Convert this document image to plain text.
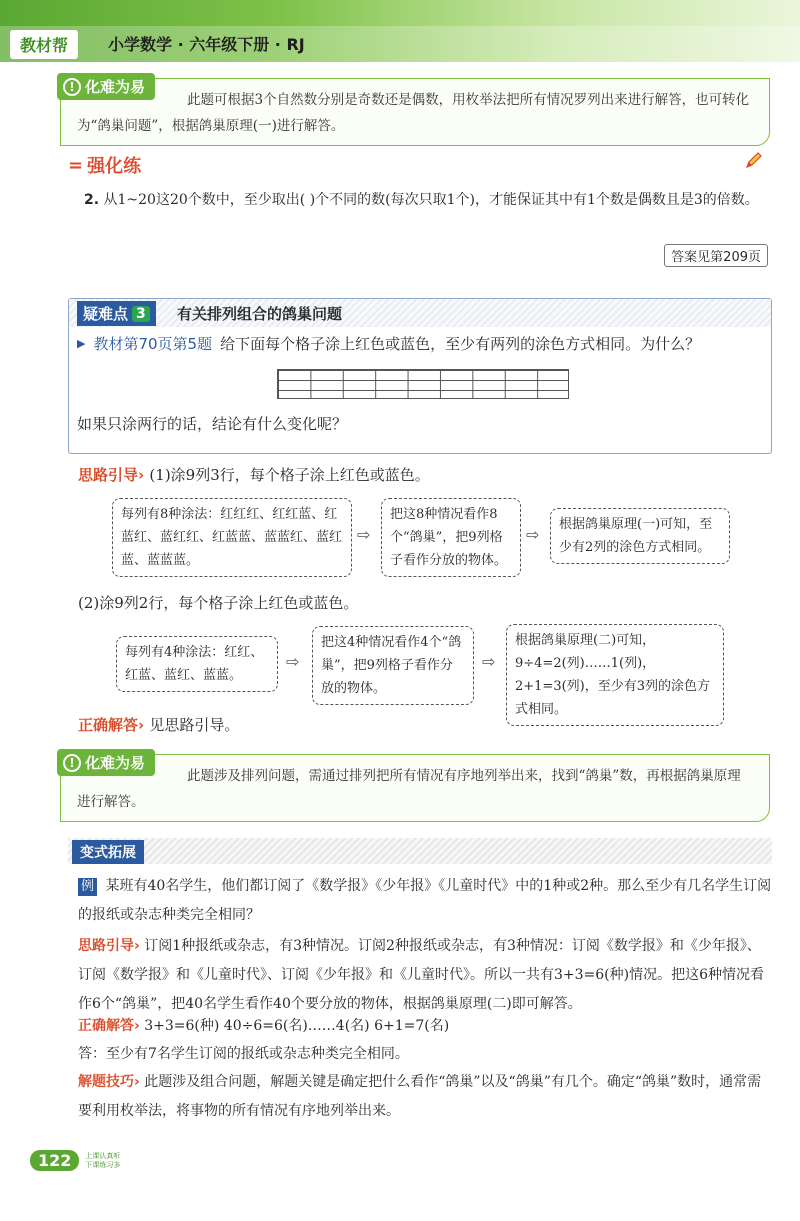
教材帮	小学数学 · 六年级下册 · RJ
! 化难为易

此题可根据3个自然数分别是奇数还是偶数，用枚举法把所有情况罗列出来进行解答，也可转化为“鸽巢问题”，根据鸽巢原理(一)进行解答。

= 强化练
2. 从1~20这20个数中，至少取出( )个不同的数(每次只取1个)，才能保证其中有1个数是偶数且是3的倍数。
答案见第209页
疑难点 3 有关排列组合的鸽巢问题
▶ 教材第70页第5题 给下面每个格子涂上红色或蓝色，至少有两列的涂色方式相同。为什么？
如果只涂两行的话，结论有什么变化呢？
思路引导› (1)涂9列3行，每个格子涂上红色或蓝色。
每列有8种涂法：红红红、红红蓝、红蓝红、蓝红红、红蓝蓝、蓝蓝红、蓝红蓝、蓝蓝蓝。
⇨
把这8种情况看作8个“鸽巢”，把9列格子看作分放的物体。
⇨
根据鸽巢原理(一)可知，至少有2列的涂色方式相同。
(2)涂9列2行，每个格子涂上红色或蓝色。
每列有4种涂法：红红、红蓝、蓝红、蓝蓝。
⇨
把这4种情况看作4个“鸽巢”，把9列格子看作分放的物体。
⇨
根据鸽巢原理(二)可知，9÷4=2(列)……1(列)，2+1=3(列)，至少有3列的涂色方式相同。
正确解答› 见思路引导。
! 化难为易

此题涉及排列问题，需通过排列把所有情况有序地列举出来，找到“鸽巢”数，再根据鸽巢原理进行解答。

变式拓展
例 某班有40名学生，他们都订阅了《数学报》《少年报》《儿童时代》中的1种或2种。那么至少有几名学生订阅的报纸或杂志种类完全相同？
思路引导› 订阅1种报纸或杂志，有3种情况。订阅2种报纸或杂志，有3种情况：订阅《数学报》和《少年报》、订阅《数学报》和《儿童时代》、订阅《少年报》和《儿童时代》。所以一共有3+3=6(种)情况。把这6种情况看作6个“鸽巢”，把40名学生看作40个要分放的物体，根据鸽巢原理(二)即可解答。
正确解答› 3+3=6(种) 40÷6=6(名)……4(名) 6+1=7(名)
答：至少有7名学生订阅的报纸或杂志种类完全相同。
解题技巧› 此题涉及组合问题，解题关键是确定把什么看作“鸽巢”以及“鸽巢”有几个。确定“鸽巢”数时，通常需要利用枚举法，将事物的所有情况有序地列举出来。
122	上课认真听
下课练习多
